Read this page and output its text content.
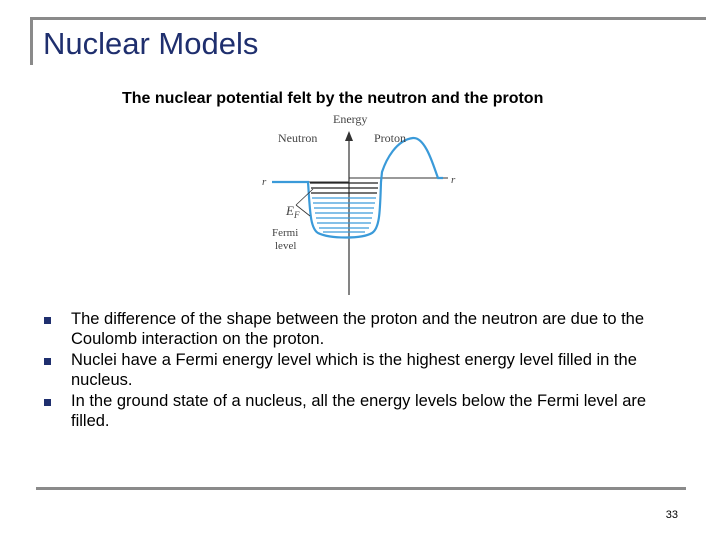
Nuclear Models
The nuclear potential felt by the neutron and the proton
Energy
Neutron	Proton
r	r
$E_F$
Fermi
level
The difference of the shape between the proton and the neutron are due to the Coulomb interaction on the proton.
Nuclei have a Fermi energy level which is the highest energy level filled in the nucleus.
In the ground state of a nucleus, all the energy levels below the Fermi level are filled.
33
